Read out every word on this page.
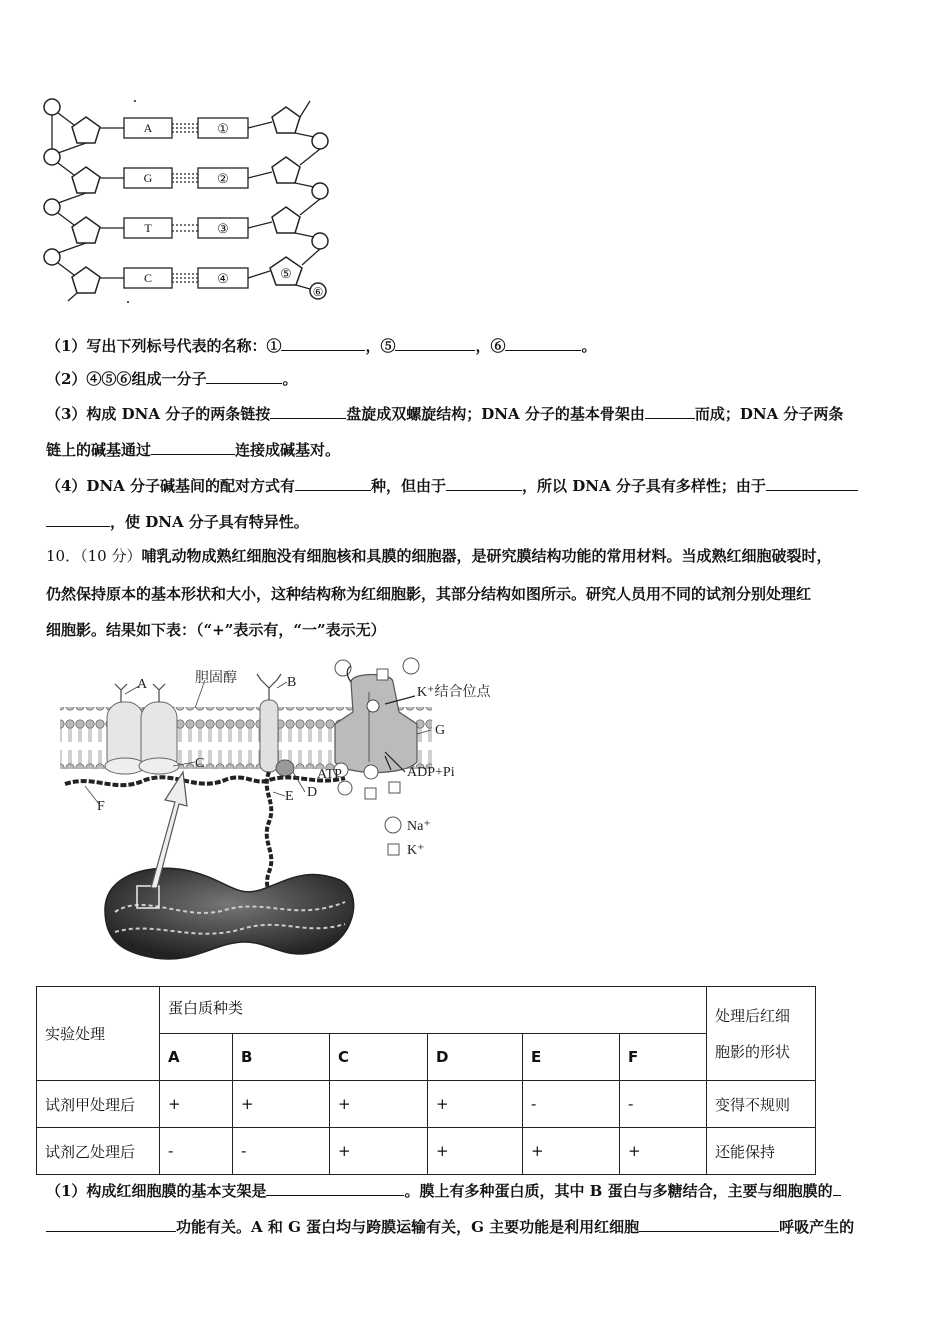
A
G
T
C
①
②
③
④	⑤
⑥
（1）写出下列标号代表的名称：①	，⑤	，⑥	。
（2）④⑤⑥组成一分子	。
（3）构成 DNA 分子的两条链按	盘旋成双螺旋结构；DNA 分子的基本骨架由	而成；DNA 分子两条
链上的碱基通过	连接成碱基对。
（4）DNA 分子碱基间的配对方式有	种，但由于	，所以 DNA 分子具有多样性；由于
，使 DNA 分子具有特异性。
10．（10 分）哺乳动物成熟红细胞没有细胞核和具膜的细胞器，是研究膜结构功能的常用材料。当成熟红细胞破裂时，
仍然保持原本的基本形状和大小，这种结构称为红细胞影，其部分结构如图所示。研究人员用不同的试剂分别处理红
细胞影。结果如下表：（“+”表示有，“一”表示无）
A	B
C
D
E
F
G
胆固醇
K⁺结合位点
ATP	ADP+Pi
Na⁺
K⁺
实验处理	蛋白质种类						处理后红细
胞影的形状

	A	B	C	D	E	F	
试剂甲处理后	+	+	+	+	-	-	变得不规则
试剂乙处理后	-	-	+	+	+	+	还能保持
（1）构成红细胞膜的基本支架是	。膜上有多种蛋白质，其中 B 蛋白与多糖结合，主要与细胞膜的
功能有关。A 和 G 蛋白均与跨膜运输有关，G 主要功能是利用红细胞	呼吸产生的
